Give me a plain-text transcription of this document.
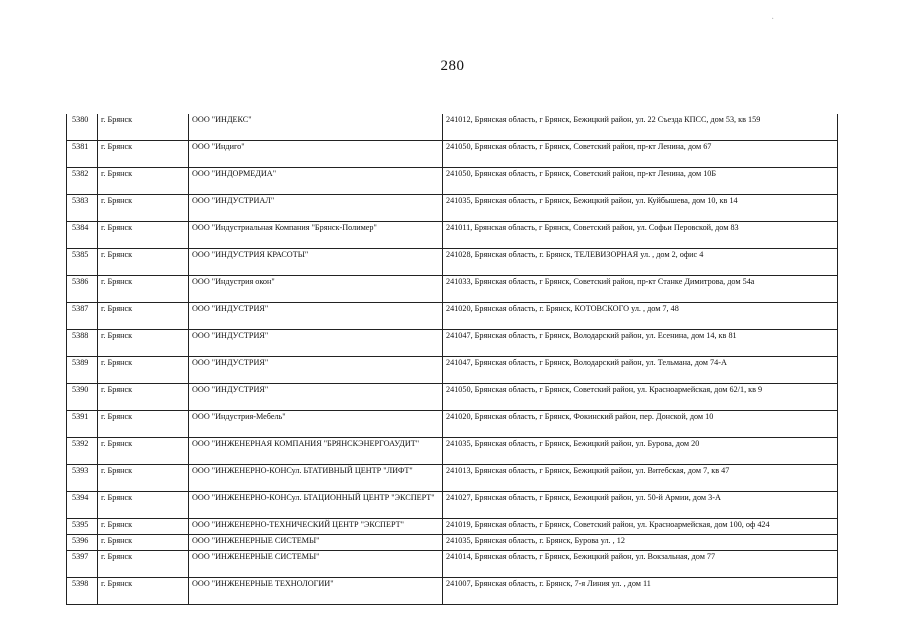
·
280
5380	г. Брянск	ООО "ИНДЕКС"	241012, Брянская область, г Брянск, Бежицкий район, ул. 22 Съезда КПСС, дом 53, кв 159
5381	г. Брянск	ООО "Индиго"	241050, Брянская область, г Брянск, Советский район, пр-кт Ленина, дом 67
5382	г. Брянск	ООО "ИНДОРМЕДИА"	241050, Брянская область, г Брянск, Советский район, пр-кт Ленина, дом 10Б
5383	г. Брянск	ООО "ИНДУСТРИАЛ"	241035, Брянская область, г Брянск, Бежицкий район, ул. Куйбышева, дом 10, кв 14
5384	г. Брянск	ООО "Индустриальная Компания "Брянск-Полимер"	241011, Брянская область, г Брянск, Советский район, ул. Софьи Перовской, дом 83
5385	г. Брянск	ООО "ИНДУСТРИЯ КРАСОТЫ"	241028, Брянская область, г. Брянск, ТЕЛЕВИЗОРНАЯ ул. , дом 2, офис 4
5386	г. Брянск	ООО "Индустрия окон"	241033, Брянская область, г Брянск, Советский район, пр-кт Станке Димитрова, дом 54а
5387	г. Брянск	ООО "ИНДУСТРИЯ"	241020, Брянская область, г. Брянск, КОТОВСКОГО ул. , дом 7, 48
5388	г. Брянск	ООО "ИНДУСТРИЯ"	241047, Брянская область, г Брянск, Володарский район, ул. Есенина, дом 14, кв 81
5389	г. Брянск	ООО "ИНДУСТРИЯ"	241047, Брянская область, г Брянск, Володарский район, ул. Тельмана, дом 74-А
5390	г. Брянск	ООО "ИНДУСТРИЯ"	241050, Брянская область, г Брянск, Советский район, ул. Красноармейская, дом 62/1, кв 9
5391	г. Брянск	ООО "Индустрия-Мебель"	241020, Брянская область, г Брянск, Фокинский район, пер. Донской, дом 10
5392	г. Брянск	ООО "ИНЖЕНЕРНАЯ КОМПАНИЯ "БРЯНСКЭНЕРГОАУДИТ"	241035, Брянская область, г Брянск, Бежицкий район, ул. Бурова, дом 20
5393	г. Брянск	ООО "ИНЖЕНЕРНО-КОНСул. ЬТАТИВНЫЙ ЦЕНТР "ЛИФТ"	241013, Брянская область, г Брянск, Бежицкий район, ул. Витебская, дом 7, кв 47
5394	г. Брянск	ООО "ИНЖЕНЕРНО-КОНСул. ЬТАЦИОННЫЙ ЦЕНТР "ЭКСПЕРТ"	241027, Брянская область, г Брянск, Бежицкий район, ул. 50-й Армии, дом 3-А
5395	г. Брянск	ООО "ИНЖЕНЕРНО-ТЕХНИЧЕСКИЙ ЦЕНТР "ЭКСПЕРТ"	241019, Брянская область, г Брянск, Советский район, ул. Красноармейская, дом 100, оф 424
5396	г. Брянск	ООО "ИНЖЕНЕРНЫЕ СИСТЕМЫ"	241035, Брянская область, г. Брянск, Бурова ул. , 12
5397	г. Брянск	ООО "ИНЖЕНЕРНЫЕ СИСТЕМЫ"	241014, Брянская область, г Брянск, Бежицкий район, ул. Вокзальная, дом 77
5398	г. Брянск	ООО "ИНЖЕНЕРНЫЕ ТЕХНОЛОГИИ"	241007, Брянская область, г. Брянск, 7-я Линия ул. , дом 11
